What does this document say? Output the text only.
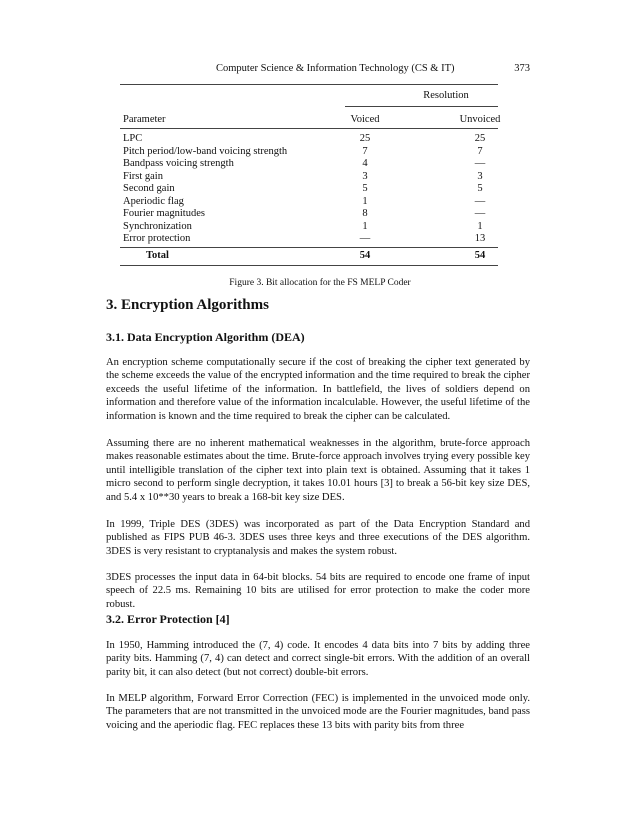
Computer Science & Information Technology (CS & IT)	373
Resolution
Parameter	Voiced	Unvoiced
LPC	25	25
Pitch period/low-band voicing strength	7	7
Bandpass voicing strength	4	—
First gain	3	3
Second gain	5	5
Aperiodic flag	1	—
Fourier magnitudes	8	—
Synchronization	1	1
Error protection	—	13
Total	54	54
Figure 3. Bit allocation for the FS MELP Coder
3. Encryption Algorithms
3.1. Data Encryption Algorithm (DEA)

An encryption scheme computationally secure if the cost of breaking the cipher text generated by the scheme exceeds the value of the encrypted information and the time required to break the cipher exceeds the useful lifetime of the information. In battlefield, the lives of soldiers depend on information and therefore value of the information incalculable. However, the useful lifetime of the information is known and the time required to break the cipher can be calculated.

Assuming there are no inherent mathematical weaknesses in the algorithm, brute-force approach makes reasonable estimates about the time. Brute-force approach involves trying every possible key until intelligible translation of the cipher text into plain text is obtained. Assuming that it takes 1 micro second to perform single decryption, it takes 10.01 hours [3] to break a 56-bit key size DES, and 5.4 x 10**30 years to break a 168-bit key size DES.

In 1999, Triple DES (3DES) was incorporated as part of the Data Encryption Standard and published as FIPS PUB 46-3. 3DES uses three keys and three executions of the DES algorithm. 3DES is very resistant to cryptanalysis and makes the system robust.

3DES processes the input data in 64-bit blocks. 54 bits are required to encode one frame of input speech of 22.5 ms. Remaining 10 bits are utilised for error protection to make the coder more robust.

3.2. Error Protection [4]

In 1950, Hamming introduced the (7, 4) code. It encodes 4 data bits into 7 bits by adding three parity bits. Hamming (7, 4) can detect and correct single-bit errors. With the addition of an overall parity bit, it can also detect (but not correct) double-bit errors.

In MELP algorithm, Forward Error Correction (FEC) is implemented in the unvoiced mode only. The parameters that are not transmitted in the unvoiced mode are the Fourier magnitudes, band pass voicing and the aperiodic flag. FEC replaces these 13 bits with parity bits from three
